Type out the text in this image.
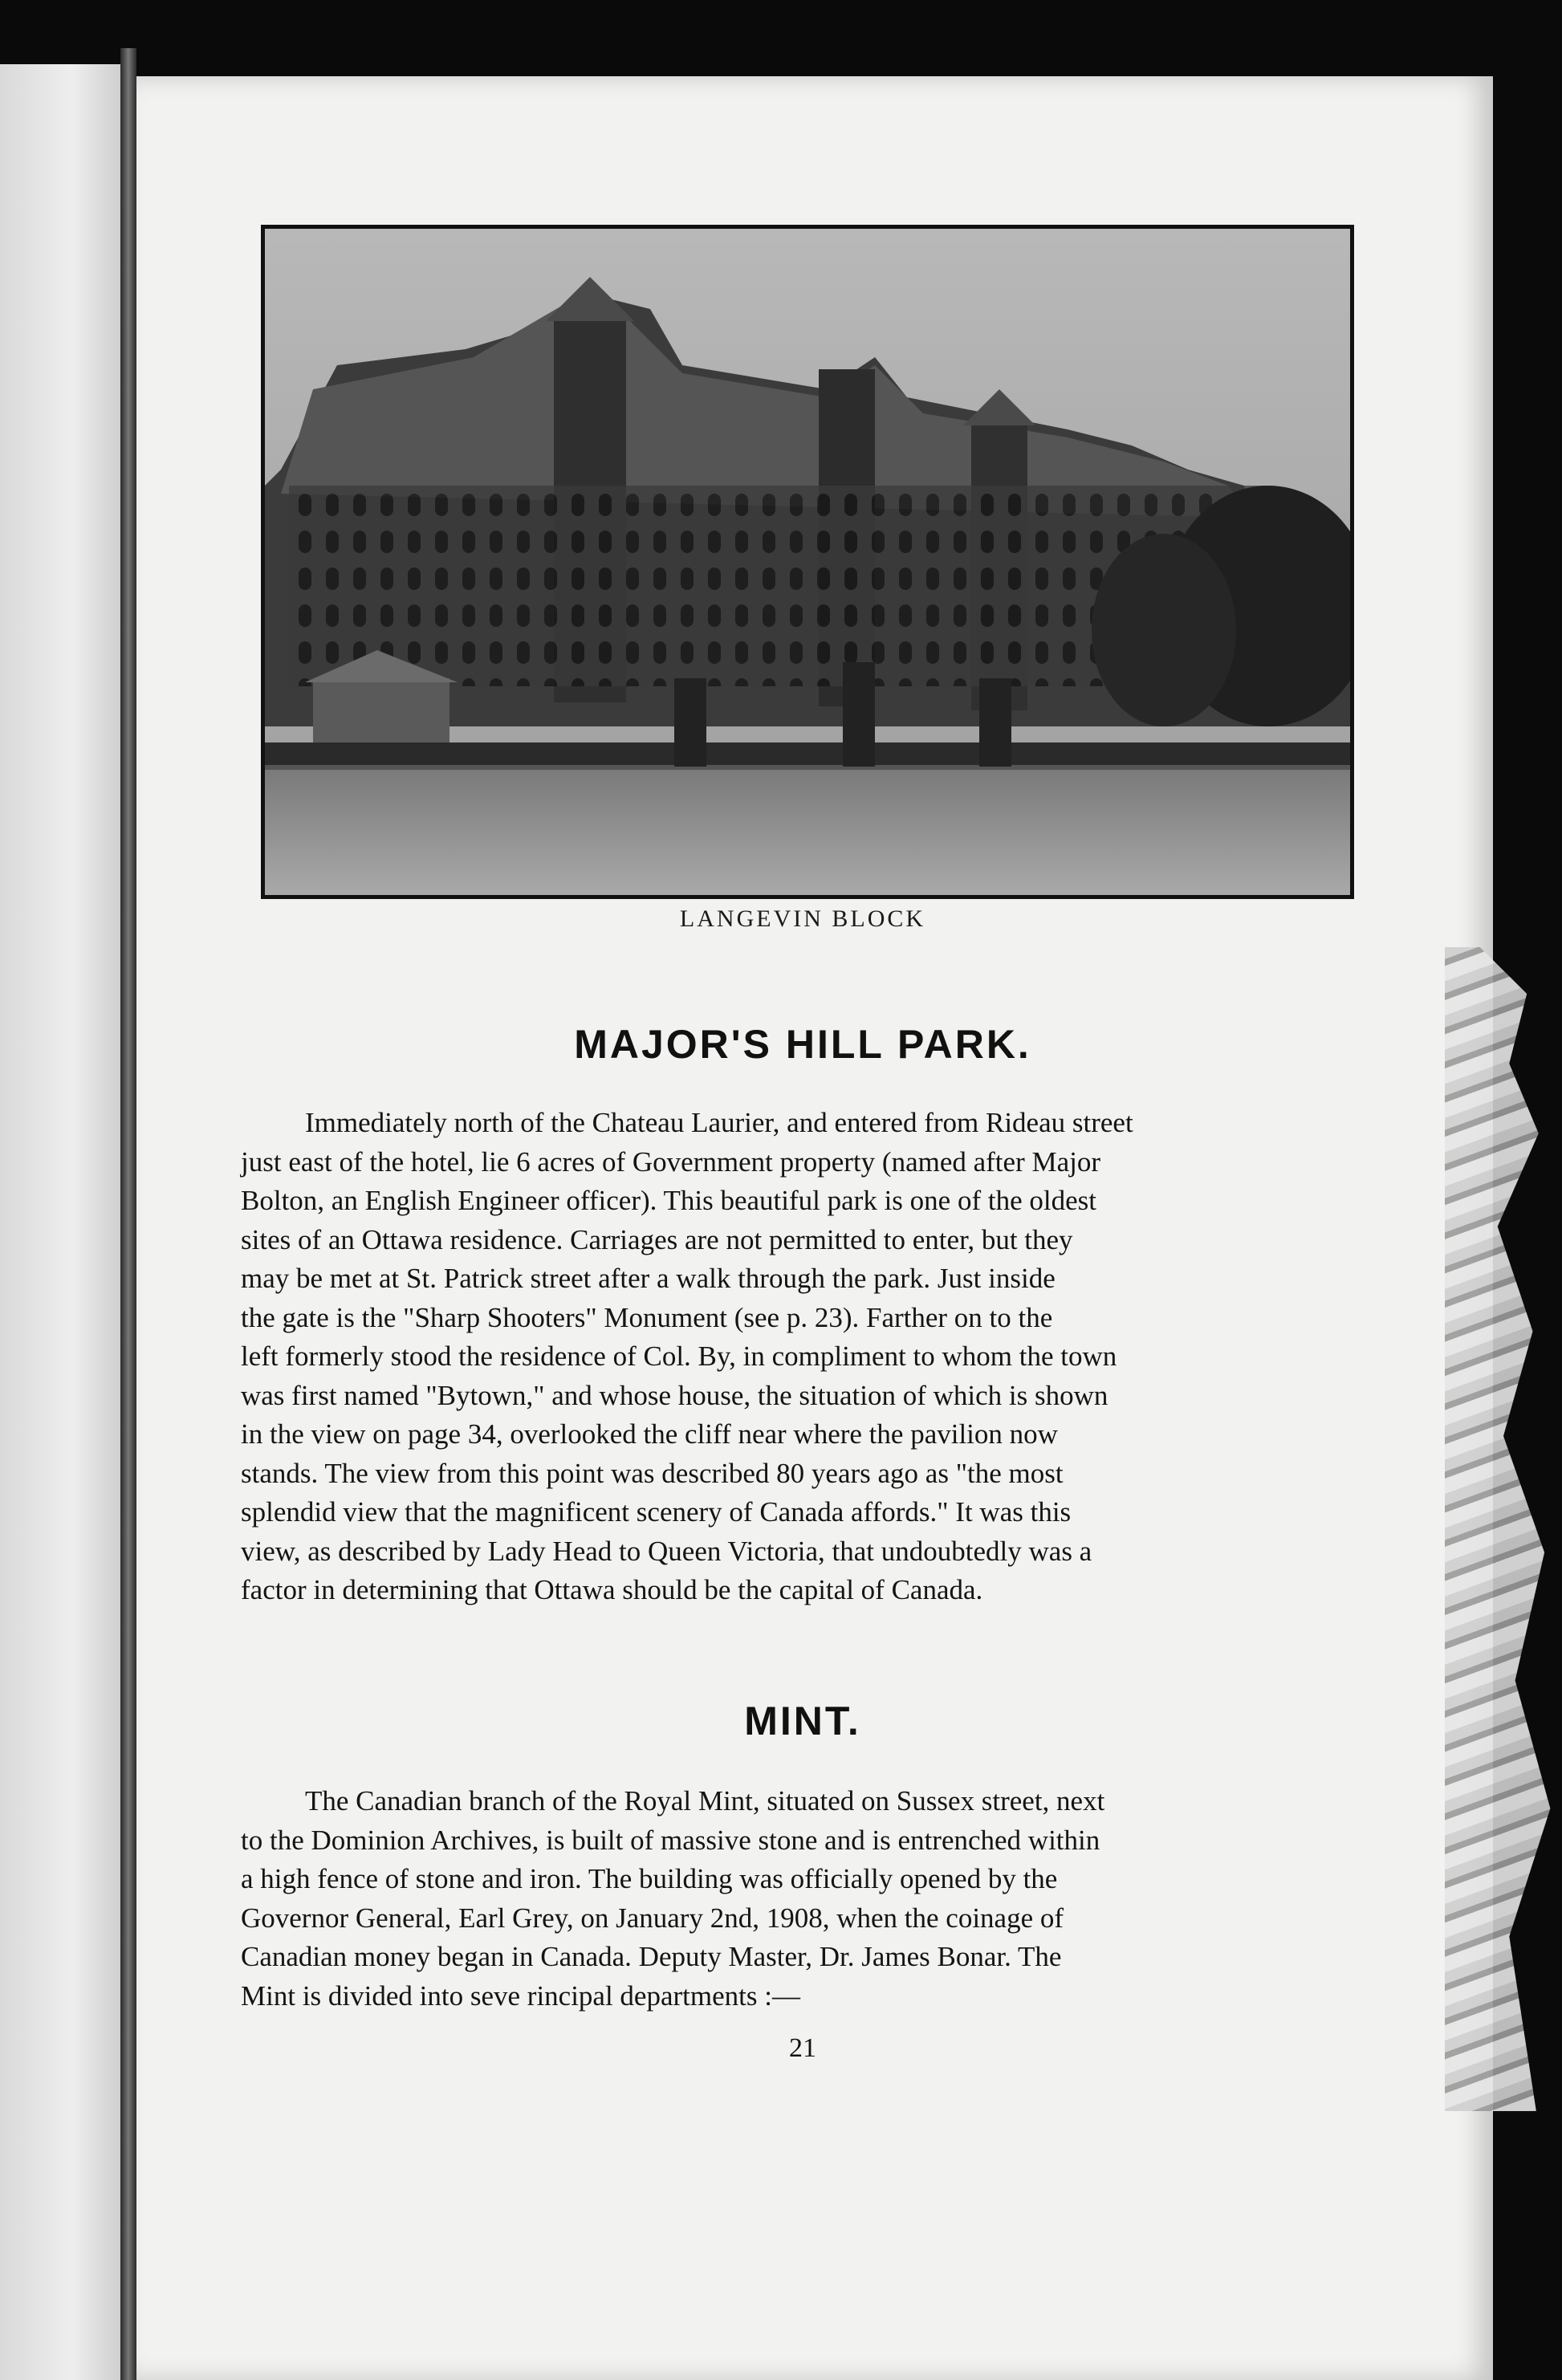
LANGEVIN BLOCK
MAJOR'S HILL PARK.
Immediately north of the Chateau Laurier, and entered from Rideau street
just east of the hotel, lie 6 acres of Government property (named after Major
Bolton, an English Engineer officer). This beautiful park is one of the oldest
sites of an Ottawa residence. Carriages are not permitted to enter, but they
may be met at St. Patrick street after a walk through the park. Just inside
the gate is the "Sharp Shooters" Monument (see p. 23). Farther on to the
left formerly stood the residence of Col. By, in compliment to whom the town
was first named "Bytown," and whose house, the situation of which is shown
in the view on page 34, overlooked the cliff near where the pavilion now
stands. The view from this point was described 80 years ago as "the most
splendid view that the magnificent scenery of Canada affords." It was this
view, as described by Lady Head to Queen Victoria, that undoubtedly was a
factor in determining that Ottawa should be the capital of Canada.
MINT.
The Canadian branch of the Royal Mint, situated on Sussex street, next
to the Dominion Archives, is built of massive stone and is entrenched within
a high fence of stone and iron. The building was officially opened by the
Governor General, Earl Grey, on January 2nd, 1908, when the coinage of
Canadian money began in Canada. Deputy Master, Dr. James Bonar. The
Mint is divided into seve rincipal departments :—
21
